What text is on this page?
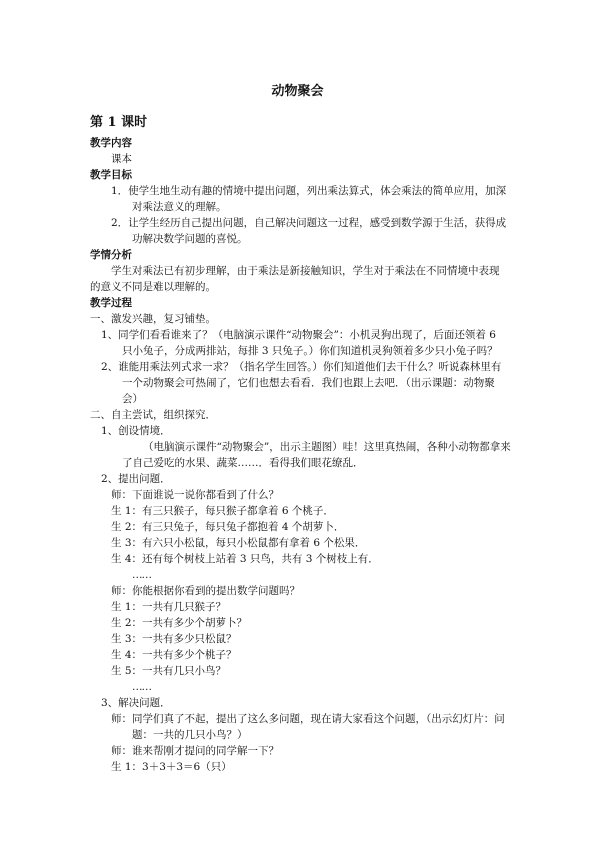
动物聚会
第 1 课时
教学内容
课本
教学目标
1．使学生地生动有趣的情境中提出问题，列出乘法算式，体会乘法的简单应用，加深
对乘法意义的理解。
2．让学生经历自己提出问题，自己解决问题这一过程，感受到数学源于生活，获得成
功解决数学问题的喜悦。
学情分析
学生对乘法已有初步理解，由于乘法是新接触知识，学生对于乘法在不同情境中表现
的意义不同是难以理解的。
教学过程
一、激发兴趣，复习铺垫。
1、同学们看看谁来了？（电脑演示课件“动物聚会”：小机灵狗出现了，后面还领着 6
只小兔子，分成两排站，每排 3 只兔子。）你们知道机灵狗领着多少只小兔子吗？
2、谁能用乘法列式求一求？（指名学生回答。）你们知道他们去干什么？听说森林里有
一个动物聚会可热闹了，它们也想去看看．我们也跟上去吧．（出示课题：动物聚
会）
二、自主尝试，组织探究．
1、创设情境．
（电脑演示课件“动物聚会”，出示主题图）哇！这里真热闹，各种小动物都拿来
了自己爱吃的水果、蔬菜……．看得我们眼花缭乱．
2、提出问题．
师：下面谁说一说你都看到了什么？
生 1：有三只猴子，每只猴子都拿着 6 个桃子．
生 2：有三只兔子，每只兔子都抱着 4 个胡萝卜．
生 3：有六只小松鼠，每只小松鼠都有拿着 6 个松果．
生 4：还有每个树枝上站着 3 只鸟，共有 3 个树枝上有．
……
师：你能根据你看到的提出数学问题吗？
生 1：一共有几只猴子？
生 2：一共有多少个胡萝卜？
生 3：一共有多少只松鼠？
生 4：一共有多少个桃子？
生 5：一共有几只小鸟？
……
3、解决问题．
师：同学们真了不起，提出了这么多问题，现在请大家看这个问题，（出示幻灯片：问
题：一共的几只小鸟？）
师：谁来帮刚才提问的同学解一下？
生 1：3＋3＋3＝6（只）
